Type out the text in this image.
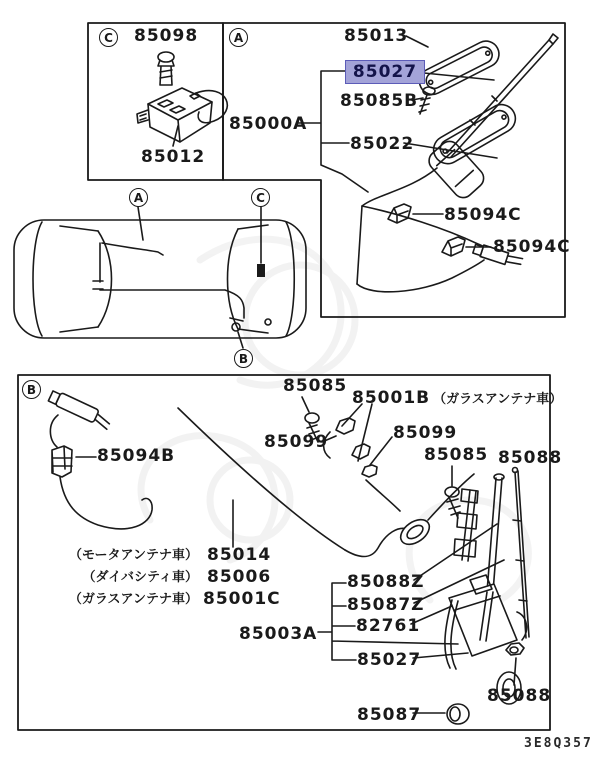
C 85098
85012
A	85013
85027
85085B
85000A
85022
85094C
85094C
A	C
B
B
85094B
85085
85001B （ガラスアンテナ車）
85099	85099
85085 85088
（モータアンテナ車） 85014
（ダイバシティ車） 85006
（ガラスアンテナ車） 85001C
85088Z
85087Z
82761
85003A
85027
85088
85087
3E8Q357
